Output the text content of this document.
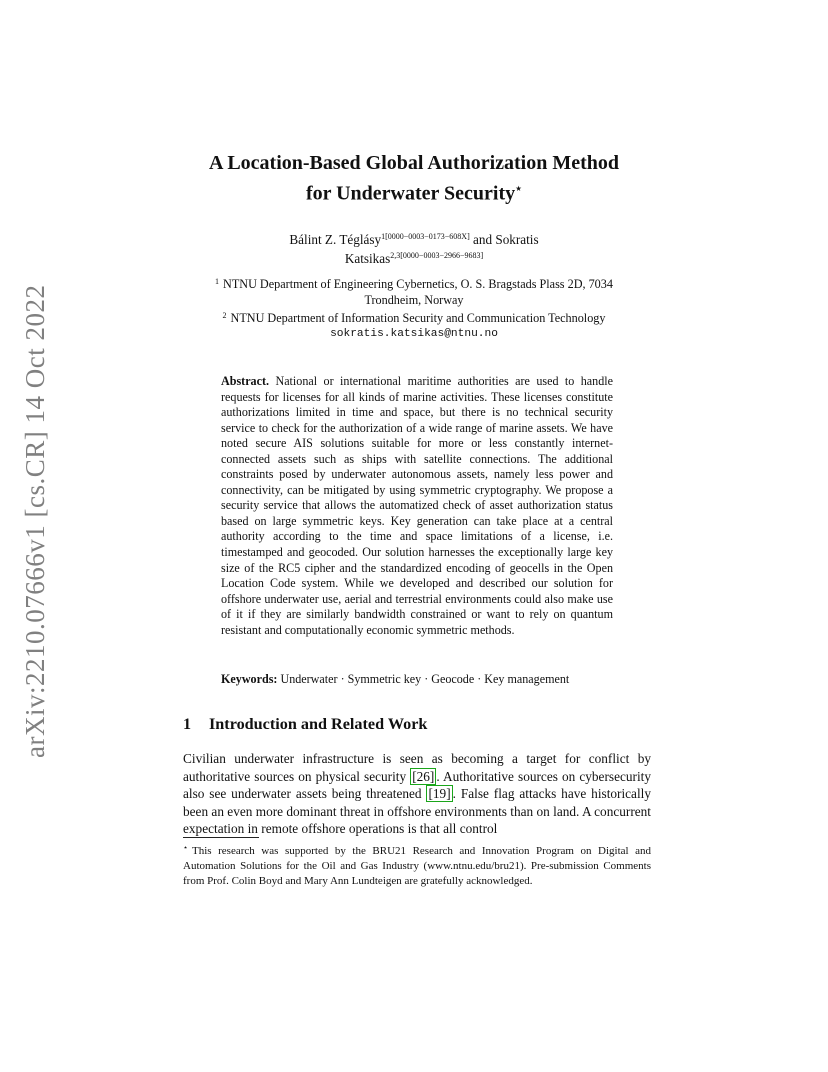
arXiv:2210.07666v1 [cs.CR] 14 Oct 2022
A Location-Based Global Authorization Method
for Underwater Security⋆
Bálint Z. Téglásy$^{1[0000-0003-0173-608X]}$ and Sokratis
Katsikas$^{2,3[0000-0003-2966-9683]}$
$^1$ NTNU Department of Engineering Cybernetics, O. S. Bragstads Plass 2D, 7034
Trondheim, Norway
$^2$ NTNU Department of Information Security and Communication Technology
sokratis.katsikas@ntnu.no
Abstract. National or international maritime authorities are used to handle requests for licenses for all kinds of marine activities. These licenses constitute authorizations limited in time and space, but there is no technical security service to check for the authorization of a wide range of marine assets. We have noted secure AIS solutions suitable for more or less constantly internet-connected assets such as ships with satellite connections. The additional constraints posed by underwater autonomous assets, namely less power and connectivity, can be mitigated by using symmetric cryptography. We propose a security service that allows the automatized check of asset authorization status based on large symmetric keys. Key generation can take place at a central authority according to the time and space limitations of a license, i.e. timestamped and geocoded. Our solution harnesses the exceptionally large key size of the RC5 cipher and the standardized encoding of geocells in the Open Location Code system. While we developed and described our solution for offshore underwater use, aerial and terrestrial environments could also make use of it if they are similarly bandwidth constrained or want to rely on quantum resistant and computationally economic symmetric methods.
Keywords: Underwater · Symmetric key · Geocode · Key management
1 Introduction and Related Work
Civilian underwater infrastructure is seen as becoming a target for conflict by authoritative sources on physical security [26] . Authoritative sources on cybersecurity also see underwater assets being threatened [19] . False flag attacks have historically been an even more dominant threat in offshore environments than on land. A concurrent expectation in remote offshore operations is that all control
⋆ This research was supported by the BRU21 Research and Innovation Program on Digital and Automation Solutions for the Oil and Gas Industry (www.ntnu.edu/bru21). Pre-submission Comments from Prof. Colin Boyd and Mary Ann Lundteigen are gratefully acknowledged.
